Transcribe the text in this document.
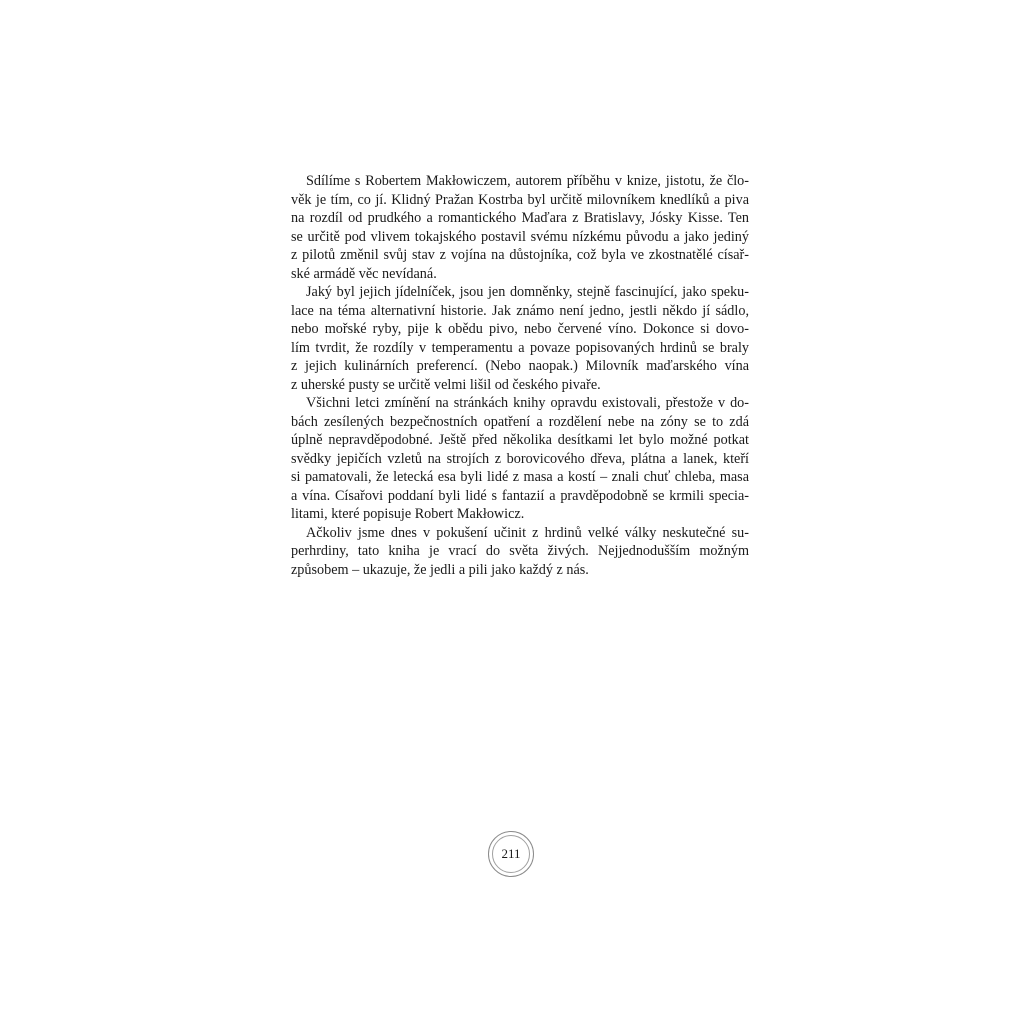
Sdílíme s Robertem Makłowiczem, autorem příběhu v knize, jistotu, že člo-
věk je tím, co jí. Klidný Pražan Kostrba byl určitě milovníkem knedlíků a piva
na rozdíl od prudkého a romantického Maďara z Bratislavy, Jósky Kisse. Ten
se určitě pod vlivem tokajského postavil svému nízkému původu a jako jediný
z pilotů změnil svůj stav z vojína na důstojníka, což byla ve zkostnatělé císař-
ské armádě věc nevídaná.

Jaký byl jejich jídelníček, jsou jen domněnky, stejně fascinující, jako speku-
lace na téma alternativní historie. Jak známo není jedno, jestli někdo jí sádlo,
nebo mořské ryby, pije k obědu pivo, nebo červené víno. Dokonce si dovo-
lím tvrdit, že rozdíly v temperamentu a povaze popisovaných hrdinů se braly
z jejich kulinárních preferencí. (Nebo naopak.) Milovník maďarského vína
z uherské pusty se určitě velmi lišil od českého pivaře.

Všichni letci zmínění na stránkách knihy opravdu existovali, přestože v do-
bách zesílených bezpečnostních opatření a rozdělení nebe na zóny se to zdá
úplně nepravděpodobné. Ještě před několika desítkami let bylo možné potkat
svědky jepičích vzletů na strojích z borovicového dřeva, plátna a lanek, kteří
si pamatovali, že letecká esa byli lidé z masa a kostí – znali chuť chleba, masa
a vína. Císařovi poddaní byli lidé s fantazií a pravděpodobně se krmili specia-
litami, které popisuje Robert Makłowicz.

Ačkoliv jsme dnes v pokušení učinit z hrdinů velké války neskutečné su-
perhrdiny, tato kniha je vrací do světa živých. Nejjednodušším možným
způsobem – ukazuje, že jedli a pili jako každý z nás.

211
